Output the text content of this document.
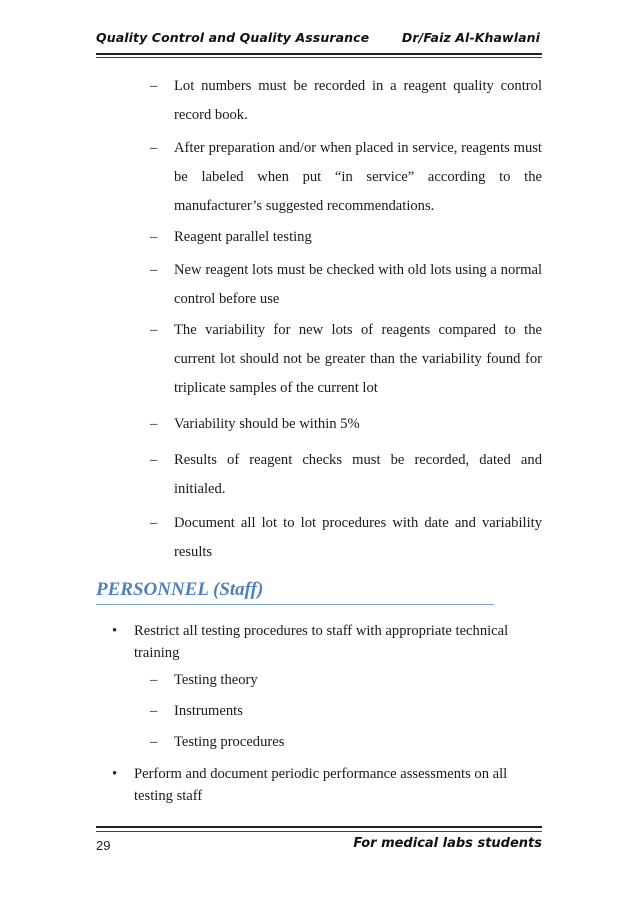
Quality Control and Quality Assurance	Dr/Faiz Al-Khawlani
–	Lot numbers must be recorded in a reagent quality control record book.
–	After preparation and/or when placed in service, reagents must be labeled when put “in service” according to the manufacturer’s suggested recommendations.
–	Reagent parallel testing
–	New reagent lots must be checked with old lots using a normal control before use
–	The variability for new lots of reagents compared to the current lot should not be greater than the variability found for triplicate samples of the current lot
–	Variability should be within 5%
–	Results of reagent checks must be recorded, dated and initialed.
–	Document all lot to lot procedures with date and variability results
PERSONNEL (Staff)
• Restrict all testing procedures to staff with appropriate technical training
– Testing theory
– Instruments
– Testing procedures
• Perform and document periodic performance assessments on all testing staff
29	For medical labs students
